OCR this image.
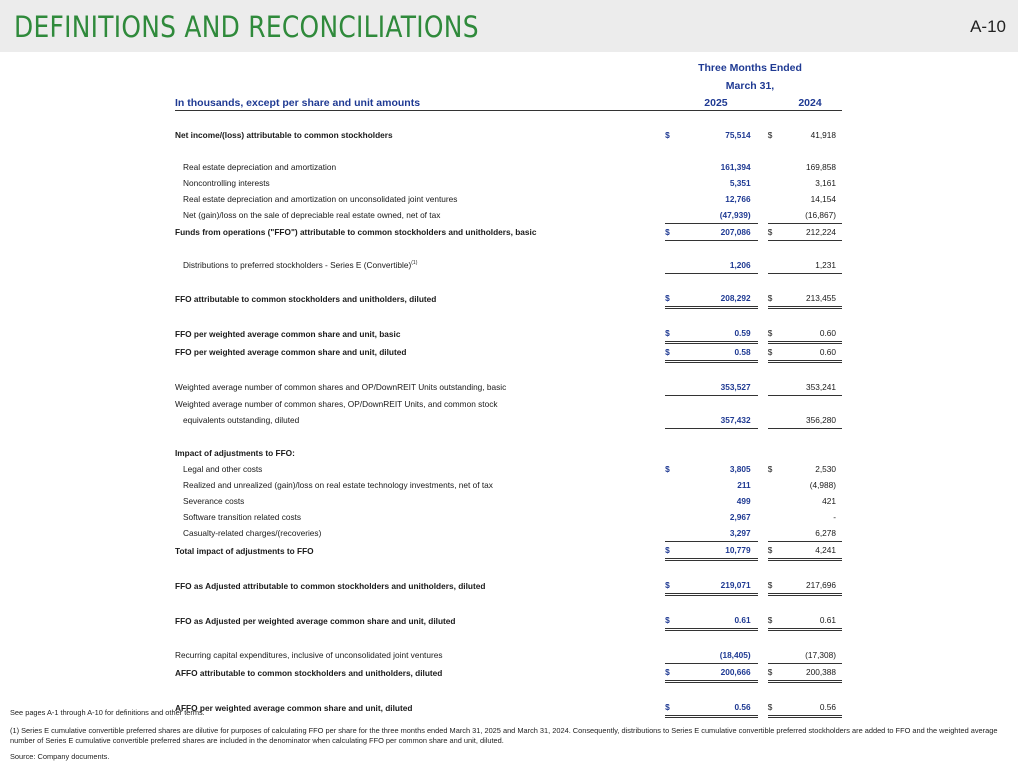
DEFINITIONS AND RECONCILIATIONS	A-10
Three Months Ended
March 31,
In thousands, except per share and unit amounts		2025			2024

Net income/(loss) attributable to common stockholders	$	75,514		$	41,918

Real estate depreciation and amortization		161,394			169,858
Noncontrolling interests		5,351			3,161
Real estate depreciation and amortization on unconsolidated joint ventures		12,766			14,154
Net (gain)/loss on the sale of depreciable real estate owned, net of tax		(47,939)			(16,867)
Funds from operations ("FFO") attributable to common stockholders and unitholders, basic	$	207,086		$	212,224

Distributions to preferred stockholders - Series E (Convertible)$^{(1)}$		1,206			1,231

FFO attributable to common stockholders and unitholders, diluted	$	208,292		$	213,455

FFO per weighted average common share and unit, basic	$	0.59		$	0.60
FFO per weighted average common share and unit, diluted	$	0.58		$	0.60

Weighted average number of common shares and OP/DownREIT Units outstanding, basic		353,527			353,241
Weighted average number of common shares, OP/DownREIT Units, and common stock					
equivalents outstanding, diluted		357,432			356,280

Impact of adjustments to FFO:					
Legal and other costs	$	3,805		$	2,530
Realized and unrealized (gain)/loss on real estate technology investments, net of tax		211			(4,988)
Severance costs		499			421
Software transition related costs		2,967			-
Casualty-related charges/(recoveries)		3,297			6,278
Total impact of adjustments to FFO	$	10,779		$	4,241

FFO as Adjusted attributable to common stockholders and unitholders, diluted	$	219,071		$	217,696

FFO as Adjusted per weighted average common share and unit, diluted	$	0.61		$	0.61

Recurring capital expenditures, inclusive of unconsolidated joint ventures		(18,405)			(17,308)
AFFO attributable to common stockholders and unitholders, diluted	$	200,666		$	200,388

AFFO per weighted average common share and unit, diluted	$	0.56		$	0.56
See pages A-1 through A-10 for definitions and other terms.
(1) Series E cumulative convertible preferred shares are dilutive for purposes of calculating FFO per share for the three months ended March 31, 2025 and March 31, 2024. Consequently, distributions to Series E cumulative convertible preferred stockholders are added to FFO and the weighted average number of Series E cumulative convertible preferred shares are included in the denominator when calculating FFO per common share and unit, diluted.
Source: Company documents.
